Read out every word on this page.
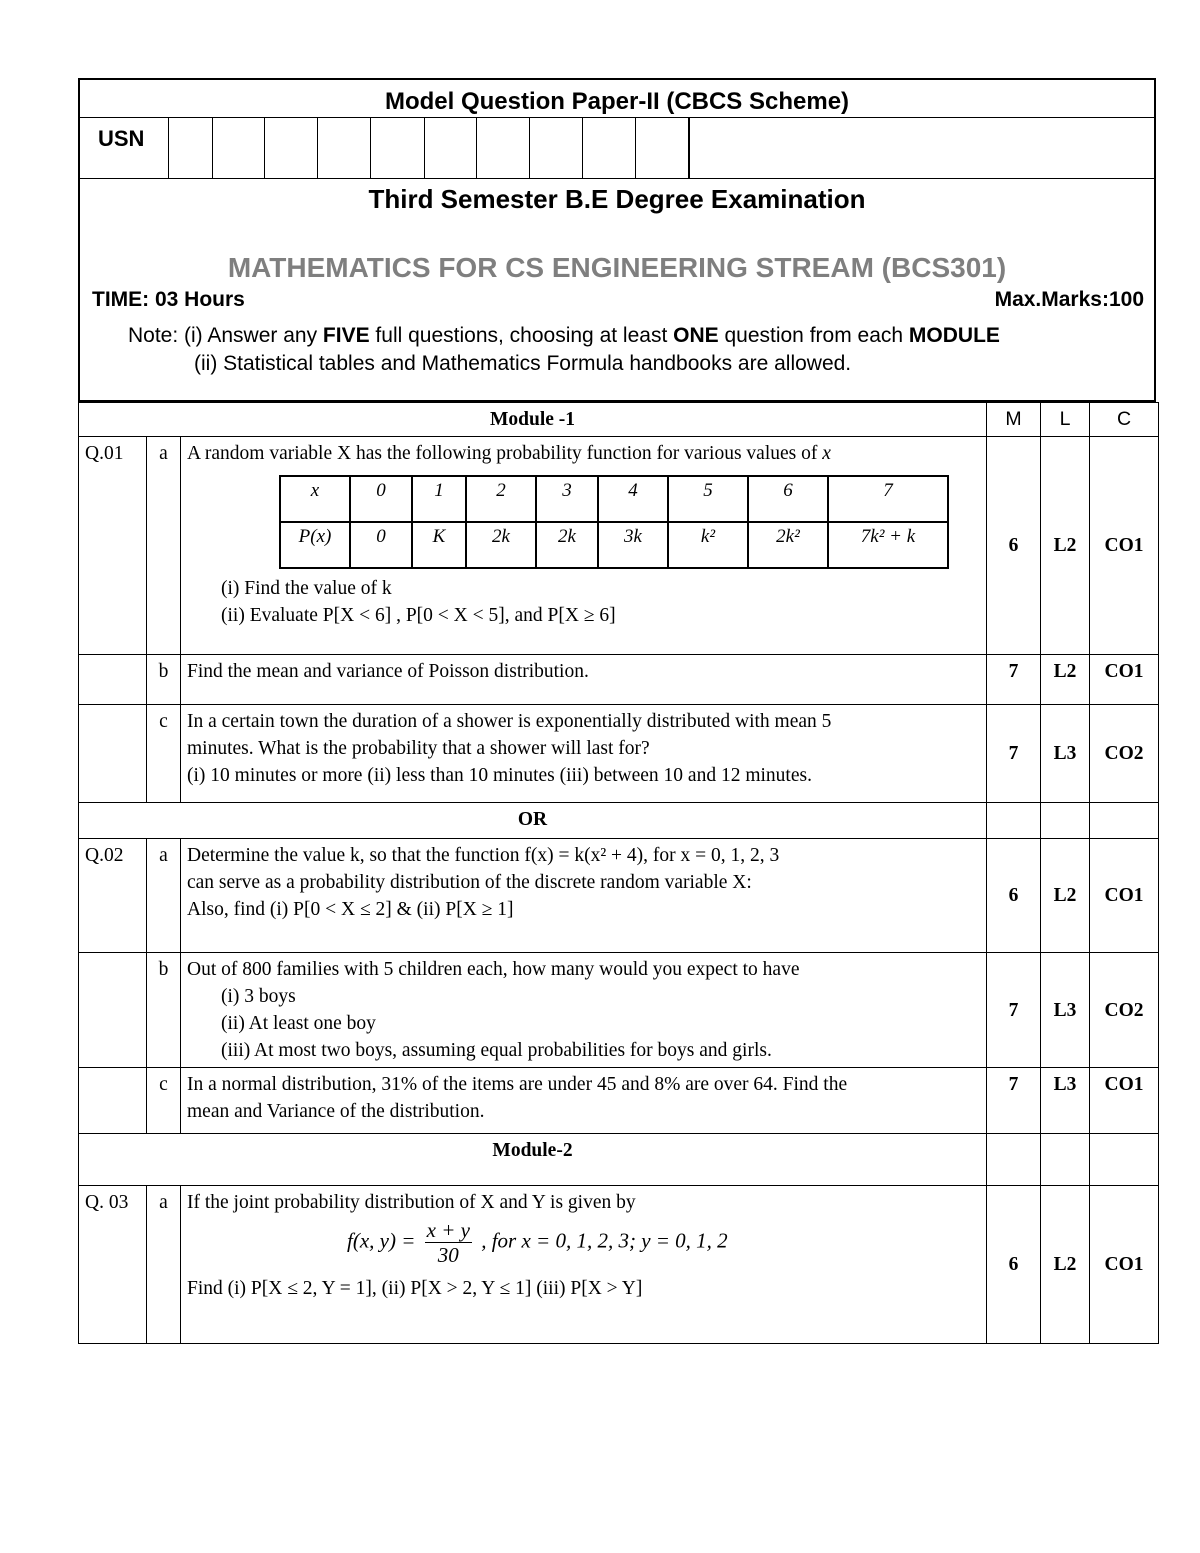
Model Question Paper-II (CBCS Scheme)
USN
Third Semester B.E Degree Examination
MATHEMATICS FOR CS ENGINEERING STREAM (BCS301)
TIME: 03 Hours	Max.Marks:100
Note: (i) Answer any FIVE full questions, choosing at least ONE question from each MODULE
(ii) Statistical tables and Mathematics Formula handbooks are allowed.
Module -1	M	L	C
Q.01	a	A random variable X has the following probability function for various values of x
x	0	1	2	3	4	5	6	7
P(x)	0	K	2k	2k	3k	k²	2k²	7k² + k
(i) Find the value of k
(ii) Evaluate P[X < 6] , P[0 < X < 5], and P[X ≥ 6]
	6	L2	CO1
	b	Find the mean and variance of Poisson distribution.	7	L2	CO1
	c	In a certain town the duration of a shower is exponentially distributed with mean 5
minutes. What is the probability that a shower will last for?
(i) 10 minutes or more (ii) less than 10 minutes (iii) between 10 and 12 minutes.
	7	L3	CO2
OR			
Q.02	a	Determine the value k, so that the function f(x) = k(x² + 4), for x = 0, 1, 2, 3
can serve as a probability distribution of the discrete random variable X:
Also, find (i) P[0 < X ≤ 2] & (ii) P[X ≥ 1]
	6	L2	CO1
	b	Out of 800 families with 5 children each, how many would you expect to have
(i) 3 boys
(ii) At least one boy
(iii) At most two boys, assuming equal probabilities for boys and girls.
	7	L3	CO2
	c	In a normal distribution, 31% of the items are under 45 and 8% are over 64. Find the
mean and Variance of the distribution.
	7	L3	CO1
Module-2			
Q. 03	a	If the joint probability distribution of X and Y is given by
f(x, $y) = \frac{x + y}{30}$ , for x = 0, 1, 2, 3; y = 0, 1, 2
Find (i) P[X ≤ 2, Y = 1], (ii) P[X > 2, Y ≤ 1] (iii) P[X > Y]
	6	L2	CO1
